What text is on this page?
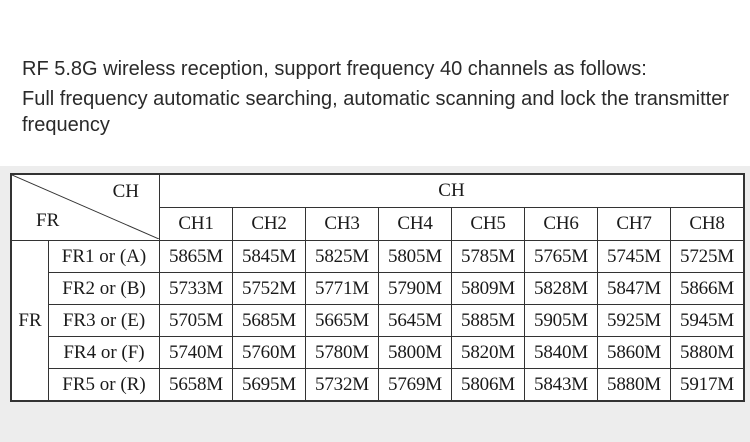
RF 5.8G wireless reception, support frequency 40 channels as follows:

Full frequency automatic searching, automatic scanning and lock the transmitter frequency

CH
FR		CH							
		CH1	CH2	CH3	CH4	CH5	CH6	CH7	CH8
FR	FR1 or (A)	5865M	5845M	5825M	5805M	5785M	5765M	5745M	5725M
	FR2 or (B)	5733M	5752M	5771M	5790M	5809M	5828M	5847M	5866M
	FR3 or (E)	5705M	5685M	5665M	5645M	5885M	5905M	5925M	5945M
	FR4 or (F)	5740M	5760M	5780M	5800M	5820M	5840M	5860M	5880M
	FR5 or (R)	5658M	5695M	5732M	5769M	5806M	5843M	5880M	5917M
